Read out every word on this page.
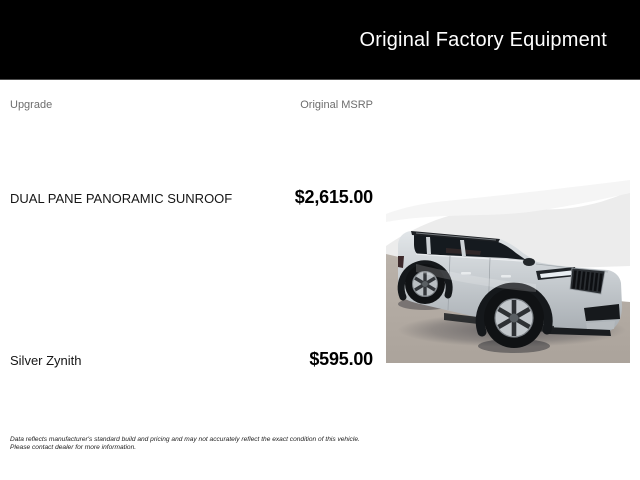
Original Factory Equipment
Upgrade	Original MSRP
DUAL PANE PANORAMIC SUNROOF	$2,615.00
Silver Zynith	$595.00
Data reflects manufacturer's standard build and pricing and may not accurately reflect the exact condition of this vehicle.
Please contact dealer for more information.
